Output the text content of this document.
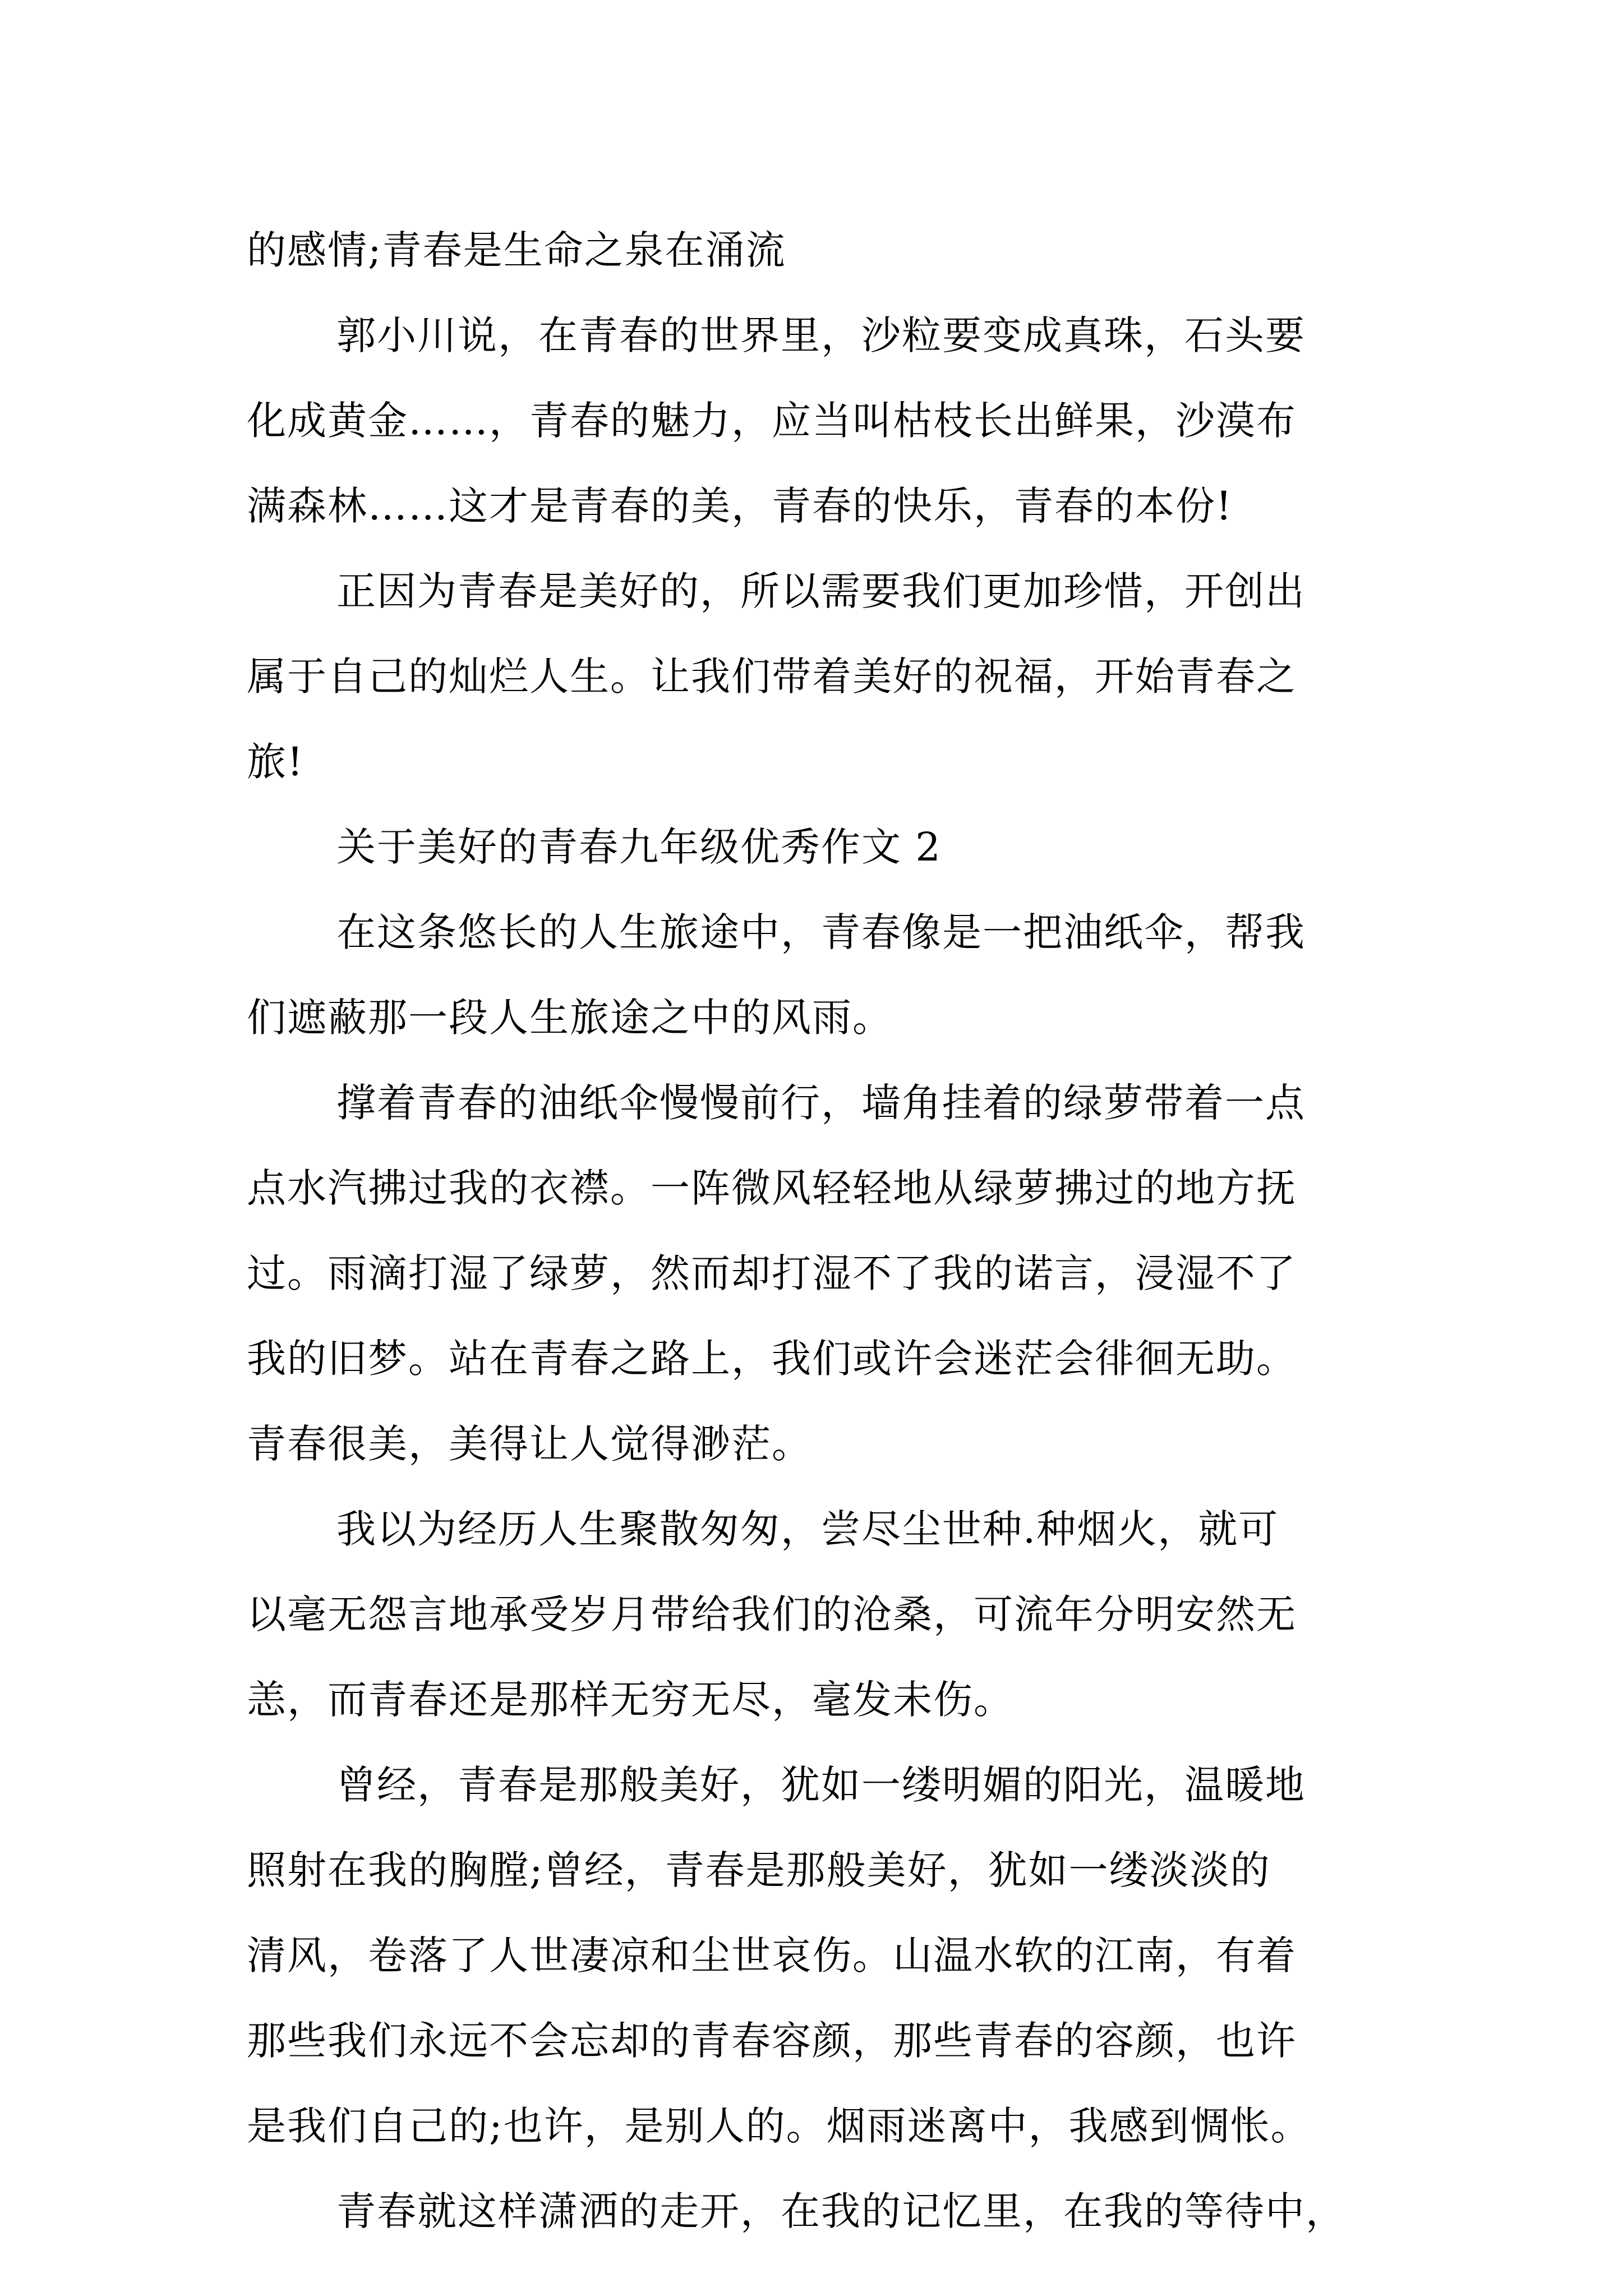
的感情;青春是生命之泉在涌流
郭小川说，在青春的世界里，沙粒要变成真珠，石头要
化成黄金……，青春的魅力，应当叫枯枝长出鲜果，沙漠布
满森林……这才是青春的美，青春的快乐，青春的本份!
正因为青春是美好的，所以需要我们更加珍惜，开创出
属于自己的灿烂人生。让我们带着美好的祝福，开始青春之
旅!
关于美好的青春九年级优秀作文 2
在这条悠长的人生旅途中，青春像是一把油纸伞，帮我
们遮蔽那一段人生旅途之中的风雨。
撑着青春的油纸伞慢慢前行，墙角挂着的绿萝带着一点
点水汽拂过我的衣襟。一阵微风轻轻地从绿萝拂过的地方抚
过。雨滴打湿了绿萝，然而却打湿不了我的诺言，浸湿不了
我的旧梦。站在青春之路上，我们或许会迷茫会徘徊无助。
青春很美，美得让人觉得渺茫。
我以为经历人生聚散匆匆，尝尽尘世种.种烟火，就可
以毫无怨言地承受岁月带给我们的沧桑，可流年分明安然无
恙，而青春还是那样无穷无尽，毫发未伤。
曾经，青春是那般美好，犹如一缕明媚的阳光，温暖地
照射在我的胸膛;曾经，青春是那般美好，犹如一缕淡淡的
清风，卷落了人世凄凉和尘世哀伤。山温水软的江南，有着
那些我们永远不会忘却的青春容颜，那些青春的容颜，也许
是我们自己的;也许，是别人的。烟雨迷离中，我感到惆怅。
青春就这样潇洒的走开，在我的记忆里，在我的等待中，
